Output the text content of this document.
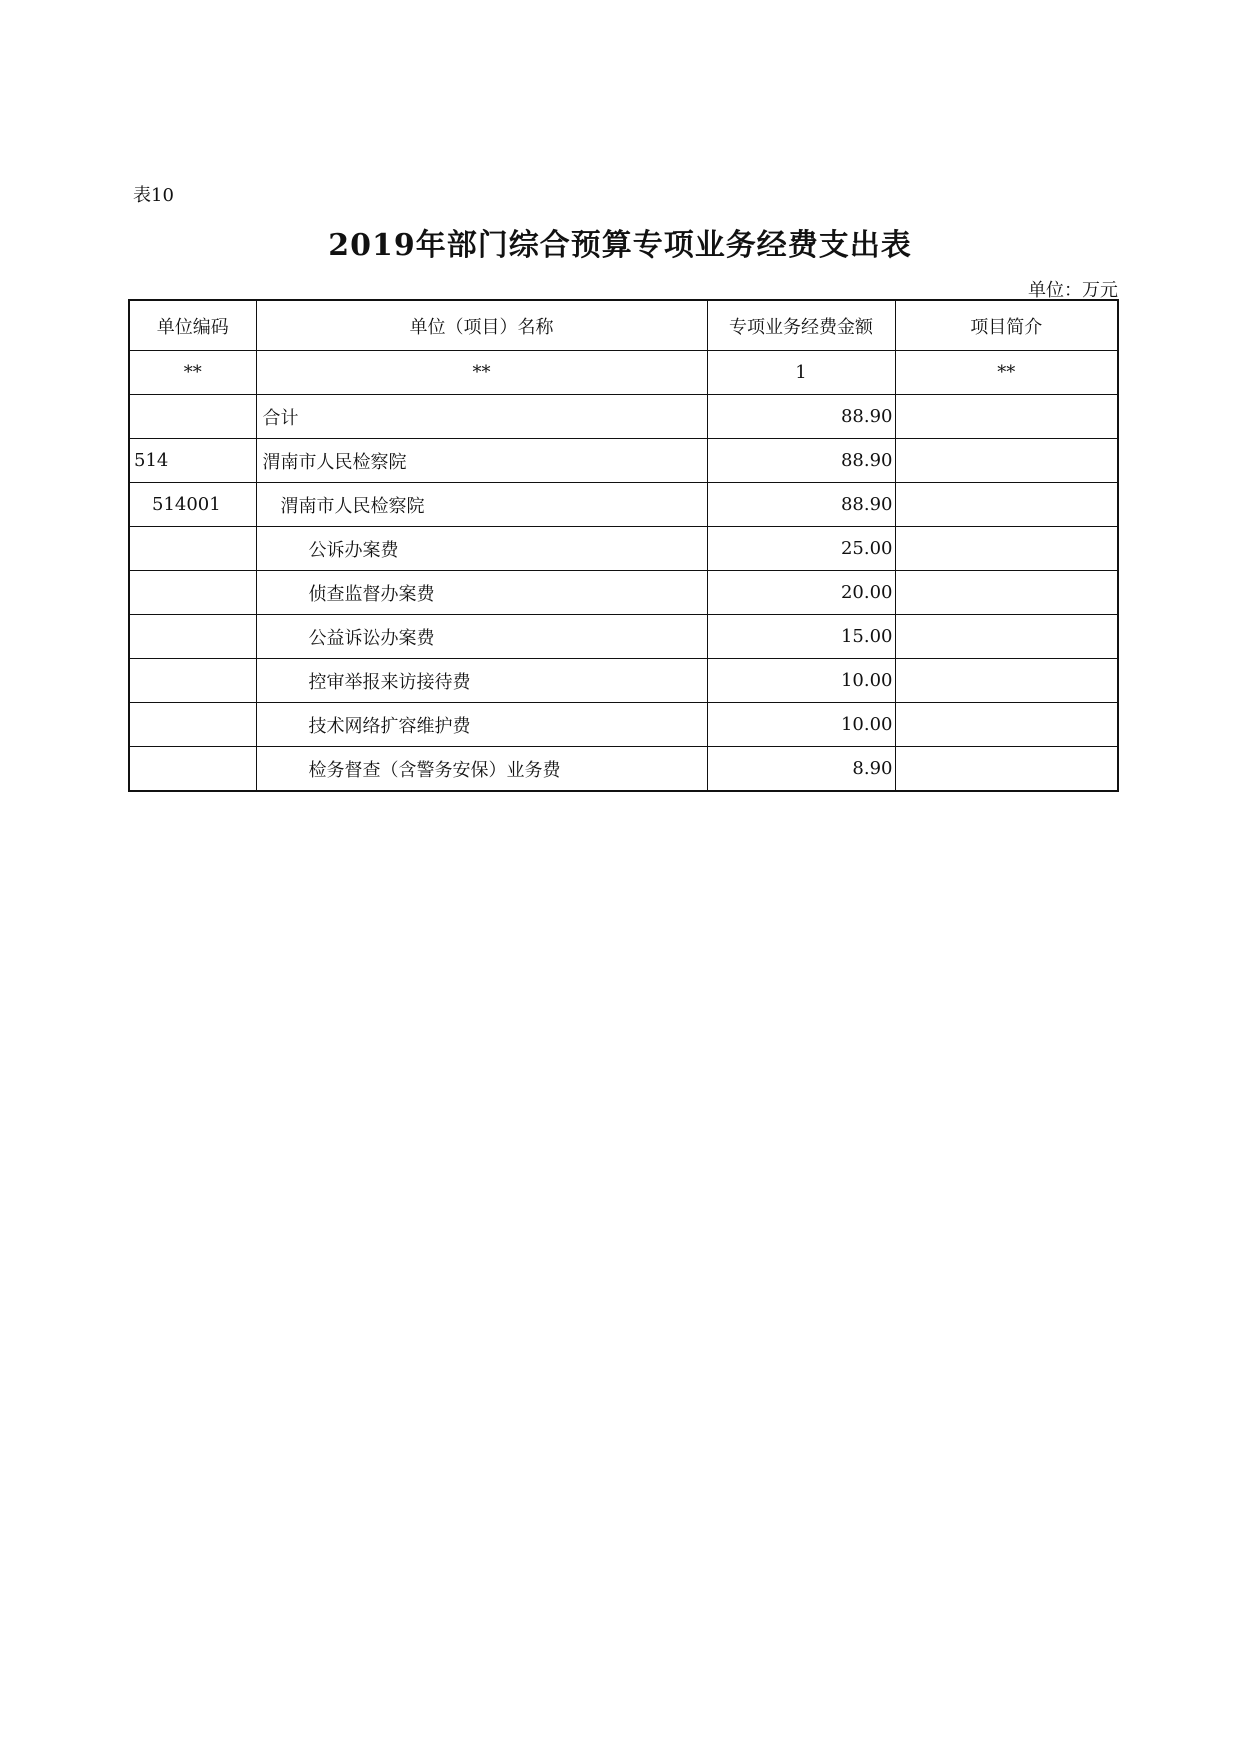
表10
2019年部门综合预算专项业务经费支出表
单位：万元
单位编码	单位（项目）名称	专项业务经费金额	项目简介
**	**	1	**
	合计	88.90	
514	渭南市人民检察院	88.90	
514001	渭南市人民检察院	88.90	
	公诉办案费	25.00	
	侦查监督办案费	20.00	
	公益诉讼办案费	15.00	
	控审举报来访接待费	10.00	
	技术网络扩容维护费	10.00	
	检务督查（含警务安保）业务费	8.90	
